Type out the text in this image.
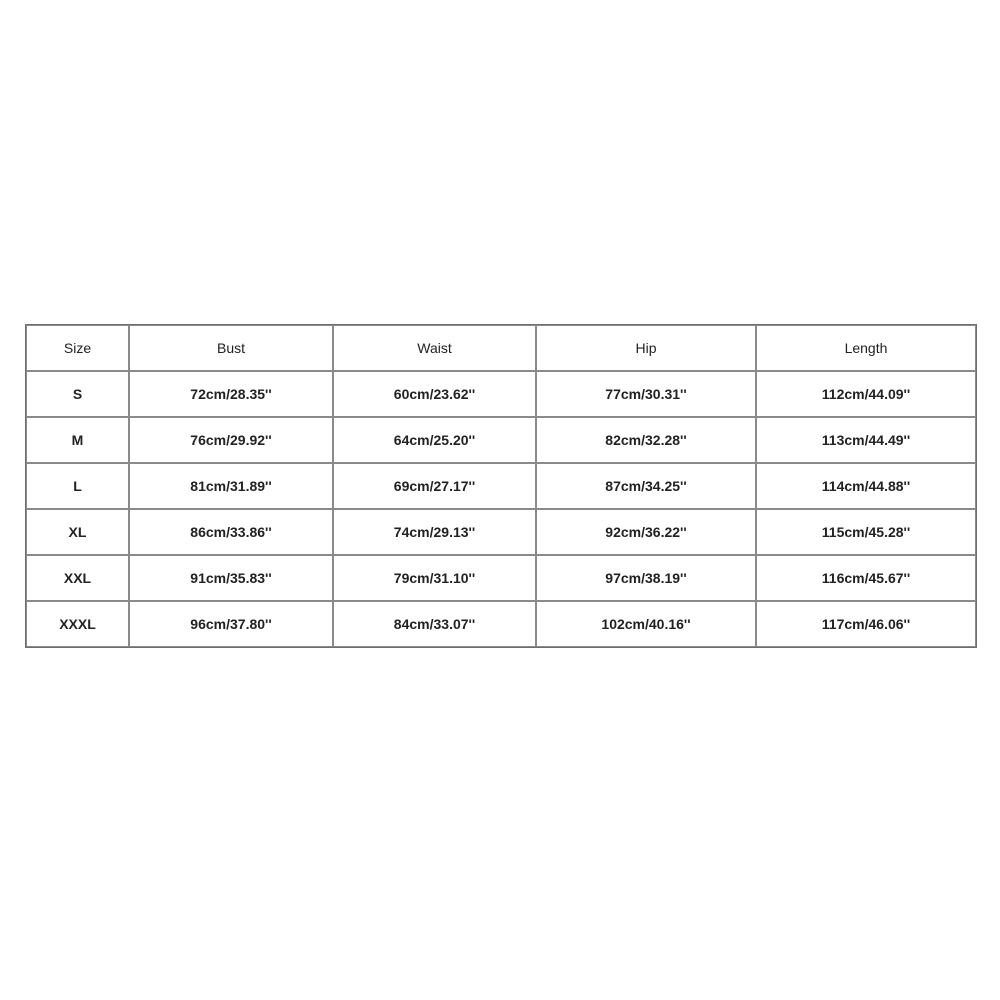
Size	Bust	Waist	Hip	Length
S	72cm/28.35''	60cm/23.62''	77cm/30.31''	112cm/44.09''
M	76cm/29.92''	64cm/25.20''	82cm/32.28''	113cm/44.49''
L	81cm/31.89''	69cm/27.17''	87cm/34.25''	114cm/44.88''
XL	86cm/33.86''	74cm/29.13''	92cm/36.22''	115cm/45.28''
XXL	91cm/35.83''	79cm/31.10''	97cm/38.19''	116cm/45.67''
XXXL	96cm/37.80''	84cm/33.07''	102cm/40.16''	117cm/46.06''
